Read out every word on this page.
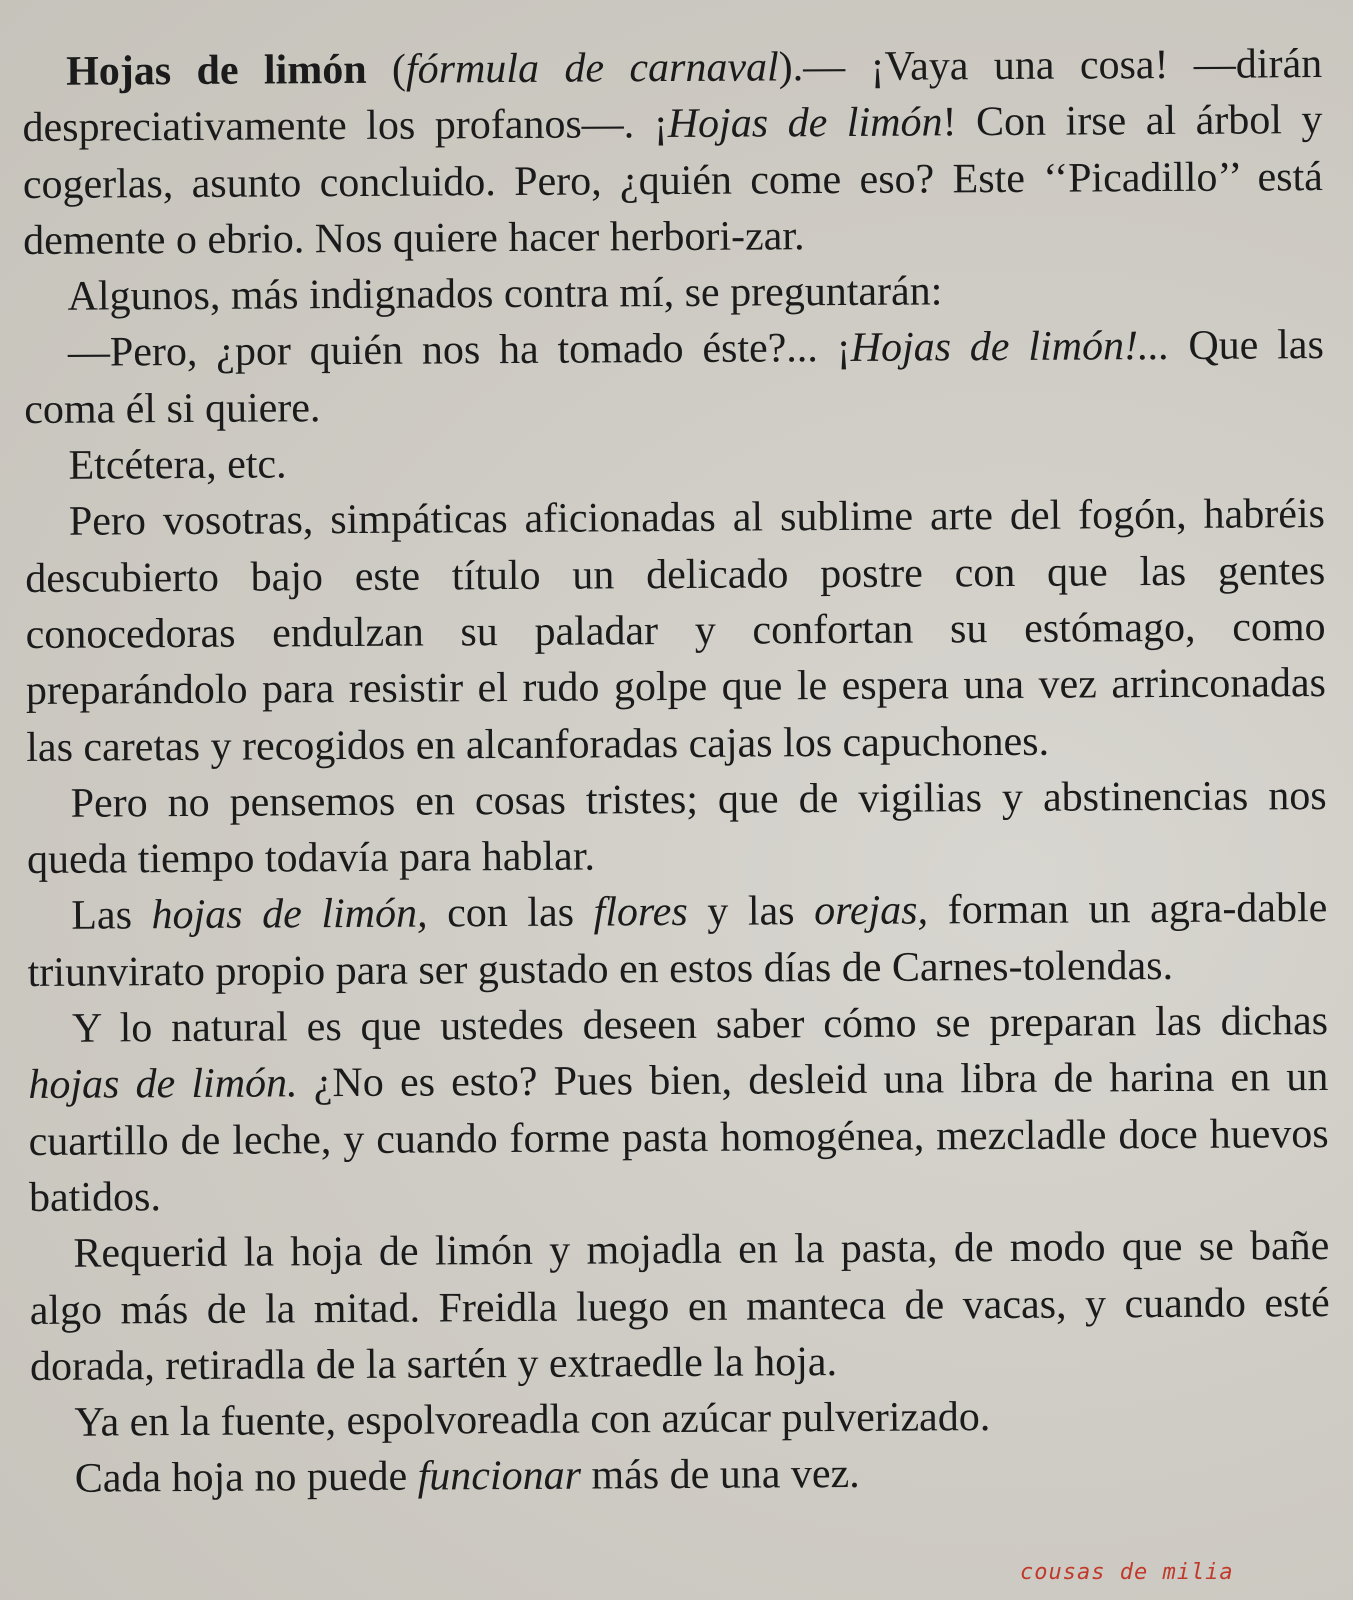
Hojas de limón (fórmula de carnaval).— ¡Vaya una cosa! —dirán despreciativamente los profanos—. ¡Hojas de limón! Con irse al árbol y cogerlas, asunto concluido. Pero, ¿quién come eso? Este ‘‘Picadillo’’ está demente o ebrio. Nos quiere hacer herbori-zar.

Algunos, más indignados contra mí, se preguntarán:

—Pero, ¿por quién nos ha tomado éste?... ¡Hojas de limón!... Que las coma él si quiere.

Etcétera, etc.

Pero vosotras, simpáticas aficionadas al sublime arte del fogón, habréis descubierto bajo este título un delicado postre con que las gentes conocedoras endulzan su paladar y confortan su estómago, como preparándolo para resistir el rudo golpe que le espera una vez arrinconadas las caretas y recogidos en alcanforadas cajas los capuchones.

Pero no pensemos en cosas tristes; que de vigilias y abstinencias nos queda tiempo todavía para hablar.

Las hojas de limón, con las flores y las orejas, forman un agra-dable triunvirato propio para ser gustado en estos días de Carnes-tolendas.

Y lo natural es que ustedes deseen saber cómo se preparan las dichas hojas de limón. ¿No es esto? Pues bien, desleid una libra de harina en un cuartillo de leche, y cuando forme pasta homogénea, mezcladle doce huevos batidos.

Requerid la hoja de limón y mojadla en la pasta, de modo que se bañe algo más de la mitad. Freidla luego en manteca de vacas, y cuando esté dorada, retiradla de la sartén y extraedle la hoja.

Ya en la fuente, espolvoreadla con azúcar pulverizado.

Cada hoja no puede funcionar más de una vez.

cousas de milia
